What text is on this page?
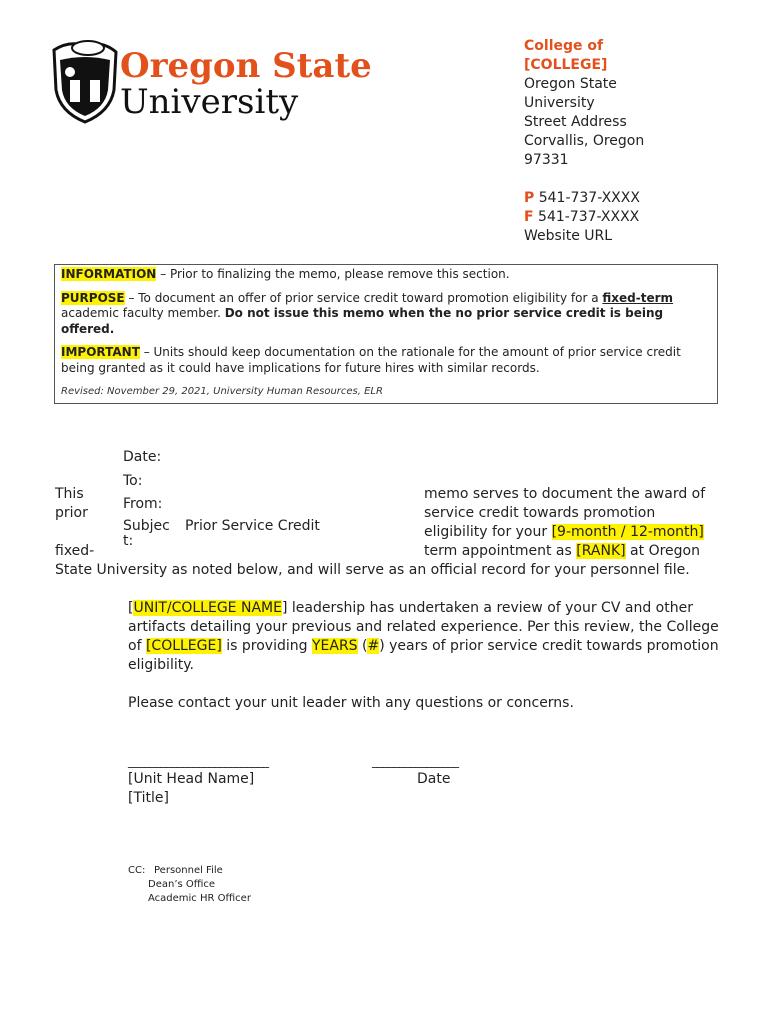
Oregon State
University
College of
[COLLEGE]
Oregon State
University
Street Address
Corvallis, Oregon
97331
P 541-737-XXXX
F 541-737-XXXX
Website URL

INFORMATION – Prior to finalizing the memo, please remove this section.

PURPOSE – To document an offer of prior service credit toward promotion eligibility for a fixed-term academic faculty member. Do not issue this memo when the no prior service credit is being offered.

IMPORTANT – Units should keep documentation on the rationale for the amount of prior service credit being granted as it could have implications for future hires with similar records.

Revised: November 29, 2021, University Human Resources, ELR

Date:
To:
From:
Subjec
t:
Prior Service Credit
This
prior
fixed-
memo serves to document the award of
service credit towards promotion
eligibility for your [9-month / 12-month]
term appointment as [RANK] at Oregon
State University as noted below, and will serve as an official record for your personnel file.
[UNIT/COLLEGE NAME] leadership has undertaken a review of your CV and other artifacts detailing your previous and related experience. Per this review, the College of [COLLEGE] is providing YEARS (#) years of prior service credit towards promotion eligibility.
Please contact your unit leader with any questions or concerns.
__________________________	________________
[Unit Head Name]	Date
[Title]
CC: Personnel File
Dean’s Office
Academic HR Officer
